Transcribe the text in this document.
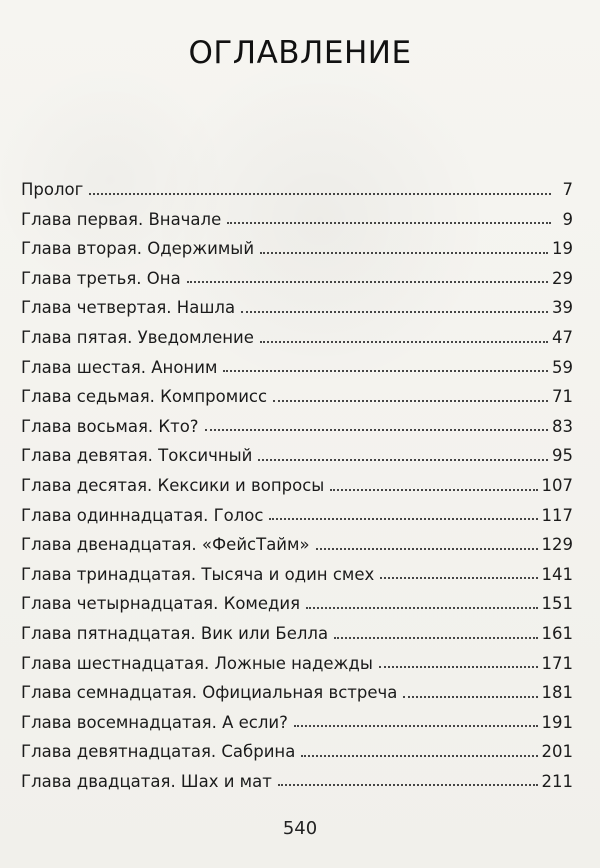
ОГЛАВЛЕНИЕ
Пролог	7
Глава первая. Вначале	9
Глава вторая. Одержимый	19
Глава третья. Она	29
Глава четвертая. Нашла	39
Глава пятая. Уведомление	47
Глава шестая. Аноним	59
Глава седьмая. Компромисс	71
Глава восьмая. Кто?	83
Глава девятая. Токсичный	95
Глава десятая. Кексики и вопросы	107
Глава одиннадцатая. Голос	117
Глава двенадцатая. «ФейсТайм»	129
Глава тринадцатая. Тысяча и один смех	141
Глава четырнадцатая. Комедия	151
Глава пятнадцатая. Вик или Белла	161
Глава шестнадцатая. Ложные надежды	171
Глава семнадцатая. Официальная встреча	181
Глава восемнадцатая. А если?	191
Глава девятнадцатая. Сабрина	201
Глава двадцатая. Шах и мат	211
540
